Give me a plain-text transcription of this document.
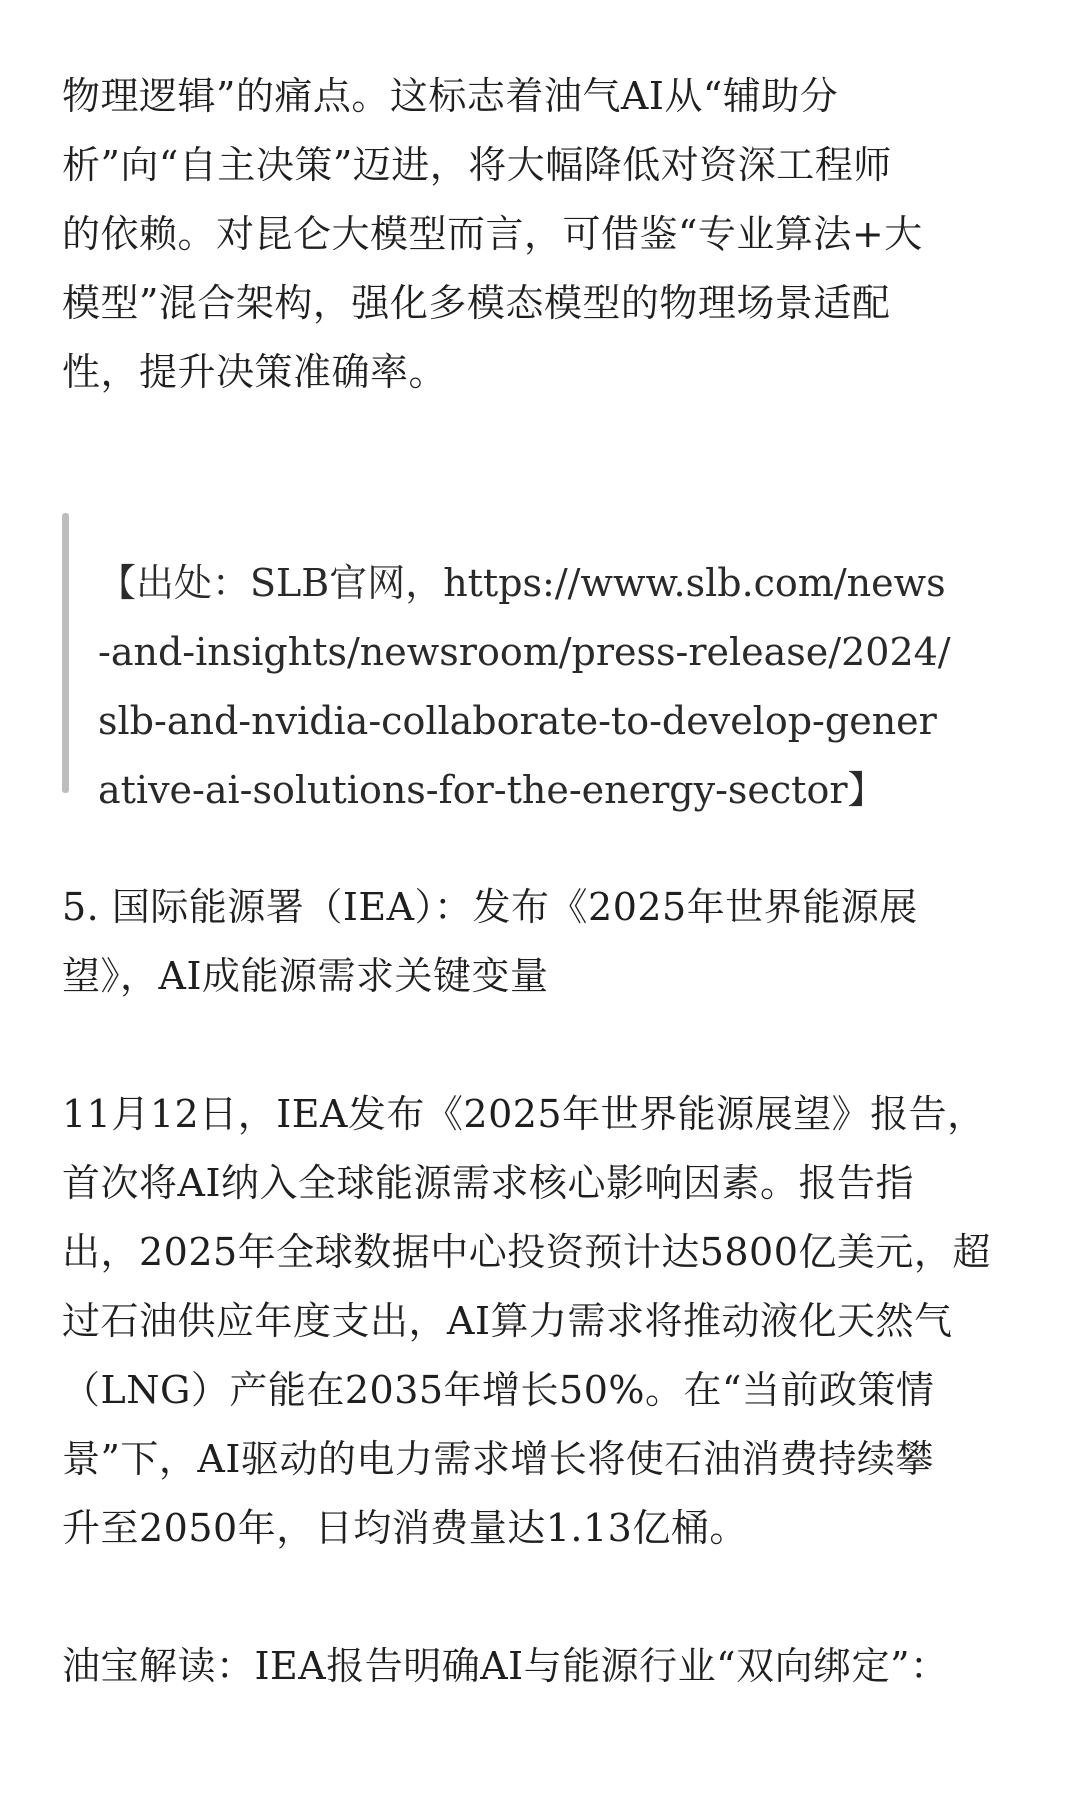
物理逻辑”的痛点。这标志着油气AI从“辅助分
析”向“自主决策”迈进，将大幅降低对资深工程师
的依赖。对昆仑大模型而言，可借鉴“专业算法+大
模型”混合架构，强化多模态模型的物理场景适配
性，提升决策准确率。

【出处：SLB官网，https://www.slb.com/news
-and-insights/newsroom/press-release/2024/
slb-and-nvidia-collaborate-to-develop-gener
ative-ai-solutions-for-the-energy-sector】

5. 国际能源署（IEA）：发布《2025年世界能源展
望》，AI成能源需求关键变量

11月12日，IEA发布《2025年世界能源展望》报告，
首次将AI纳入全球能源需求核心影响因素。报告指
出，2025年全球数据中心投资预计达5800亿美元，超
过石油供应年度支出，AI算力需求将推动液化天然气
（LNG）产能在2035年增长50%。在“当前政策情
景”下，AI驱动的电力需求增长将使石油消费持续攀
升至2050年，日均消费量达1.13亿桶。

油宝解读：IEA报告明确AI与能源行业“双向绑定”：
